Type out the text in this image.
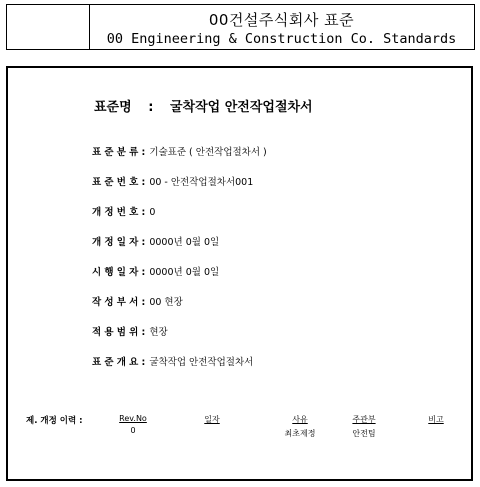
00건설주식회사 표준
00 Engineering & Construction Co. Standards
표준명 : 굴착작업 안전작업절차서
표준분류: 기술표준 ( 안전작업절차서 )
표준번호: 00 - 안전작업절차서001
개정번호: 0
개정일자: 0000년 0월 0일
시행일자: 0000년 0월 0일
작성부서: 00 현장
적용범위: 현장
표준개요: 굴착작업 안전작업절차서
제. 개정 이력 :	Rev.No
0
일자	사유
최초제정
주관부
안전팀
비고
